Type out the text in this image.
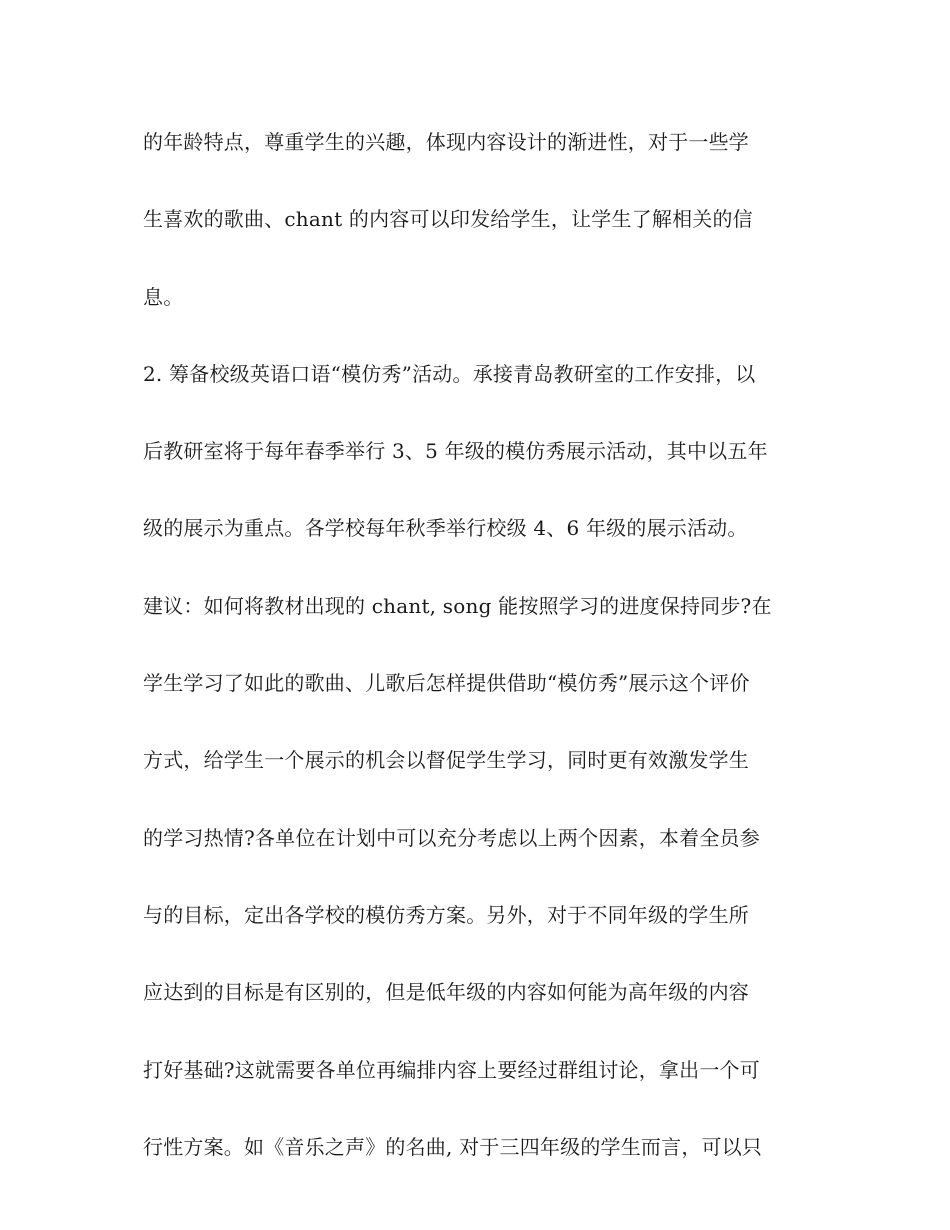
的年龄特点，尊重学生的兴趣，体现内容设计的渐进性，对于一些学
生喜欢的歌曲、chant 的内容可以印发给学生，让学生了解相关的信
息。
2. 筹备校级英语口语“模仿秀”活动。承接青岛教研室的工作安排，以
后教研室将于每年春季举行 3、5 年级的模仿秀展示活动，其中以五年
级的展示为重点。各学校每年秋季举行校级 4、6 年级的展示活动。
建议：如何将教材出现的 chant, song 能按照学习的进度保持同步?在
学生学习了如此的歌曲、儿歌后怎样提供借助“模仿秀”展示这个评价
方式，给学生一个展示的机会以督促学生学习，同时更有效激发学生
的学习热情?各单位在计划中可以充分考虑以上两个因素，本着全员参
与的目标，定出各学校的模仿秀方案。另外，对于不同年级的学生所
应达到的目标是有区别的，但是低年级的内容如何能为高年级的内容
打好基础?这就需要各单位再编排内容上要经过群组讨论，拿出一个可
行性方案。如《音乐之声》的名曲, 对于三四年级的学生而言，可以只
